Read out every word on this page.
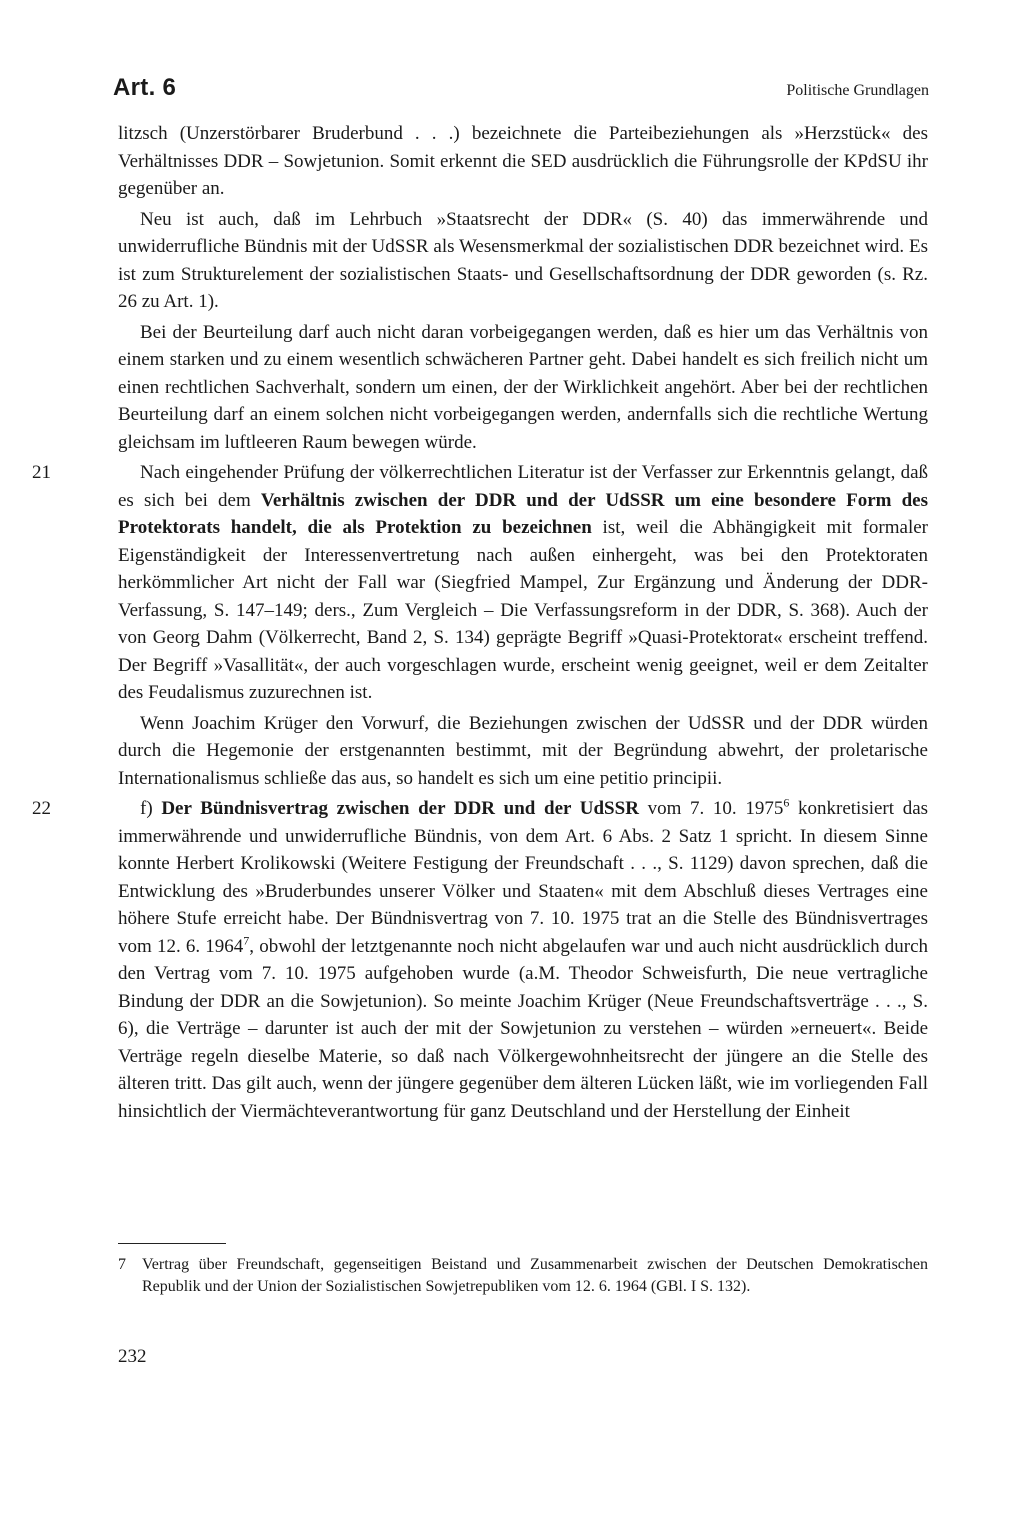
Art. 6	Politische Grundlagen

litzsch (Unzerstörbarer Bruderbund . . .) bezeichnete die Parteibeziehungen als »Herzstück« des Verhältnisses DDR – Sowjetunion. Somit erkennt die SED ausdrücklich die Führungsrolle der KPdSU ihr gegenüber an.

Neu ist auch, daß im Lehrbuch »Staatsrecht der DDR« (S. 40) das immerwährende und unwiderrufliche Bündnis mit der UdSSR als Wesensmerkmal der sozialistischen DDR bezeichnet wird. Es ist zum Strukturelement der sozialistischen Staats- und Gesellschaftsordnung der DDR geworden (s. Rz. 26 zu Art. 1).

Bei der Beurteilung darf auch nicht daran vorbeigegangen werden, daß es hier um das Verhältnis von einem starken und zu einem wesentlich schwächeren Partner geht. Dabei handelt es sich freilich nicht um einen rechtlichen Sachverhalt, sondern um einen, der der Wirklichkeit angehört. Aber bei der rechtlichen Beurteilung darf an einem solchen nicht vorbeigegangen werden, andernfalls sich die rechtliche Wertung gleichsam im luftleeren Raum bewegen würde.

21	Nach eingehender Prüfung der völkerrechtlichen Literatur ist der Verfasser zur Erkenntnis gelangt, daß es sich bei dem Verhältnis zwischen der DDR und der UdSSR um eine besondere Form des Protektorats handelt, die als Protektion zu bezeichnen ist, weil die Abhängigkeit mit formaler Eigenständigkeit der Interessenvertretung nach außen einhergeht, was bei den Protektoraten herkömmlicher Art nicht der Fall war (Siegfried Mampel, Zur Ergänzung und Änderung der DDR-Verfassung, S. 147–149; ders., Zum Vergleich – Die Verfassungsreform in der DDR, S. 368). Auch der von Georg Dahm (Völkerrecht, Band 2, S. 134) geprägte Begriff »Quasi-Protektorat« erscheint treffend. Der Begriff »Vasallität«, der auch vorgeschlagen wurde, erscheint wenig geeignet, weil er dem Zeitalter des Feudalismus zuzurechnen ist.

Wenn Joachim Krüger den Vorwurf, die Beziehungen zwischen der UdSSR und der DDR würden durch die Hegemonie der erstgenannten bestimmt, mit der Begründung abwehrt, der proletarische Internationalismus schließe das aus, so handelt es sich um eine petitio principii.

22	f) Der Bündnisvertrag zwischen der DDR und der UdSSR vom 7. 10. 1975$^6$ konkretisiert das immerwährende und unwiderrufliche Bündnis, von dem Art. 6 Abs. 2 Satz 1 spricht. In diesem Sinne konnte Herbert Krolikowski (Weitere Festigung der Freundschaft . . ., S. 1129) davon sprechen, daß die Entwicklung des »Bruderbundes unserer Völker und Staaten« mit dem Abschluß dieses Vertrages eine höhere Stufe erreicht habe. Der Bündnisvertrag von 7. 10. 1975 trat an die Stelle des Bündnisvertrages vom 12. 6. 1964$^7$, obwohl der letztgenannte noch nicht abgelaufen war und auch nicht ausdrücklich durch den Vertrag vom 7. 10. 1975 aufgehoben wurde (a.M. Theodor Schweisfurth, Die neue vertragliche Bindung der DDR an die Sowjetunion). So meinte Joachim Krüger (Neue Freundschaftsverträge . . ., S. 6), die Verträge – darunter ist auch der mit der Sowjetunion zu verstehen – würden »erneuert«. Beide Verträge regeln dieselbe Materie, so daß nach Völkergewohnheitsrecht der jüngere an die Stelle des älteren tritt. Das gilt auch, wenn der jüngere gegenüber dem älteren Lücken läßt, wie im vorliegenden Fall hinsichtlich der Viermächteverantwortung für ganz Deutschland und der Herstellung der Einheit

7 Vertrag über Freundschaft, gegenseitigen Beistand und Zusammenarbeit zwischen der Deutschen Demokratischen Republik und der Union der Sozialistischen Sowjetrepubliken vom 12. 6. 1964 (GBl. I S. 132).
232
